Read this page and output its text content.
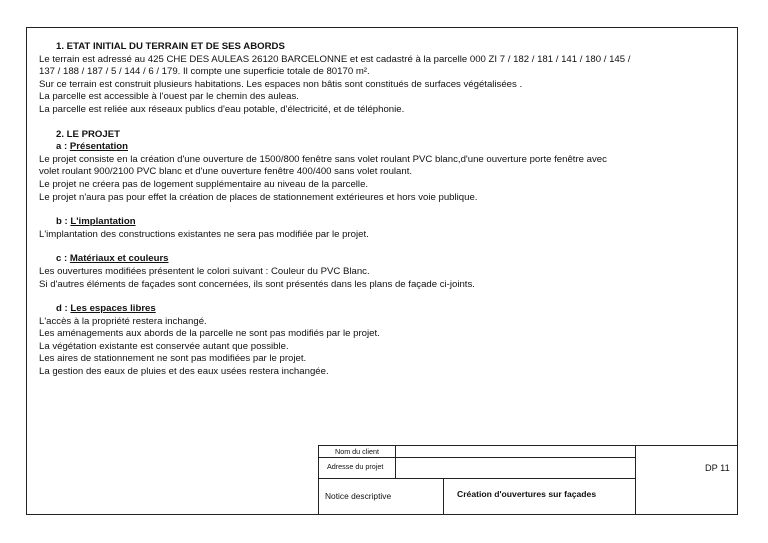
1. ETAT INITIAL DU TERRAIN ET DE SES ABORDS
Le terrain est adressé au 425 CHE DES AULEAS 26120 BARCELONNE et est cadastré à la parcelle 000 ZI 7 / 182 / 181 / 141 / 180 / 145 /
137 / 188 / 187 / 5 / 144 / 6 / 179. Il compte une superficie totale de 80170 m².
Sur ce terrain est construit plusieurs habitations. Les espaces non bâtis sont constitués de surfaces végétalisées .
La parcelle est accessible à l'ouest par le chemin des auleas.
La parcelle est reliée aux réseaux publics d'eau potable, d'électricité, et de téléphonie.
2. LE PROJET
a : Présentation
Le projet consiste en la création d'une ouverture de 1500/800 fenêtre sans volet roulant PVC blanc,d'une ouverture porte fenêtre avec
volet roulant 900/2100 PVC blanc et d'une ouverture fenêtre 400/400 sans volet roulant.
Le projet ne créera pas de logement supplémentaire au niveau de la parcelle.
Le projet n'aura pas pour effet la création de places de stationnement extérieures et hors voie publique.
b : L'implantation
L'implantation des constructions existantes ne sera pas modifiée par le projet.
c : Matériaux et couleurs
Les ouvertures modifiées présentent le colori suivant : Couleur du PVC Blanc.
Si d'autres éléments de façades sont concernées, ils sont présentés dans les plans de façade ci-joints.
d : Les espaces libres
L'accès à la propriété restera inchangé.
Les aménagements aux abords de la parcelle ne sont pas modifiés par le projet.
La végétation existante est conservée autant que possible.
Les aires de stationnement ne sont pas modifiées par le projet.
La gestion des eaux de pluies et des eaux usées restera inchangée.
Nom du client
Adresse du projet
Notice descriptive	Création d'ouvertures sur façades
DP 11
